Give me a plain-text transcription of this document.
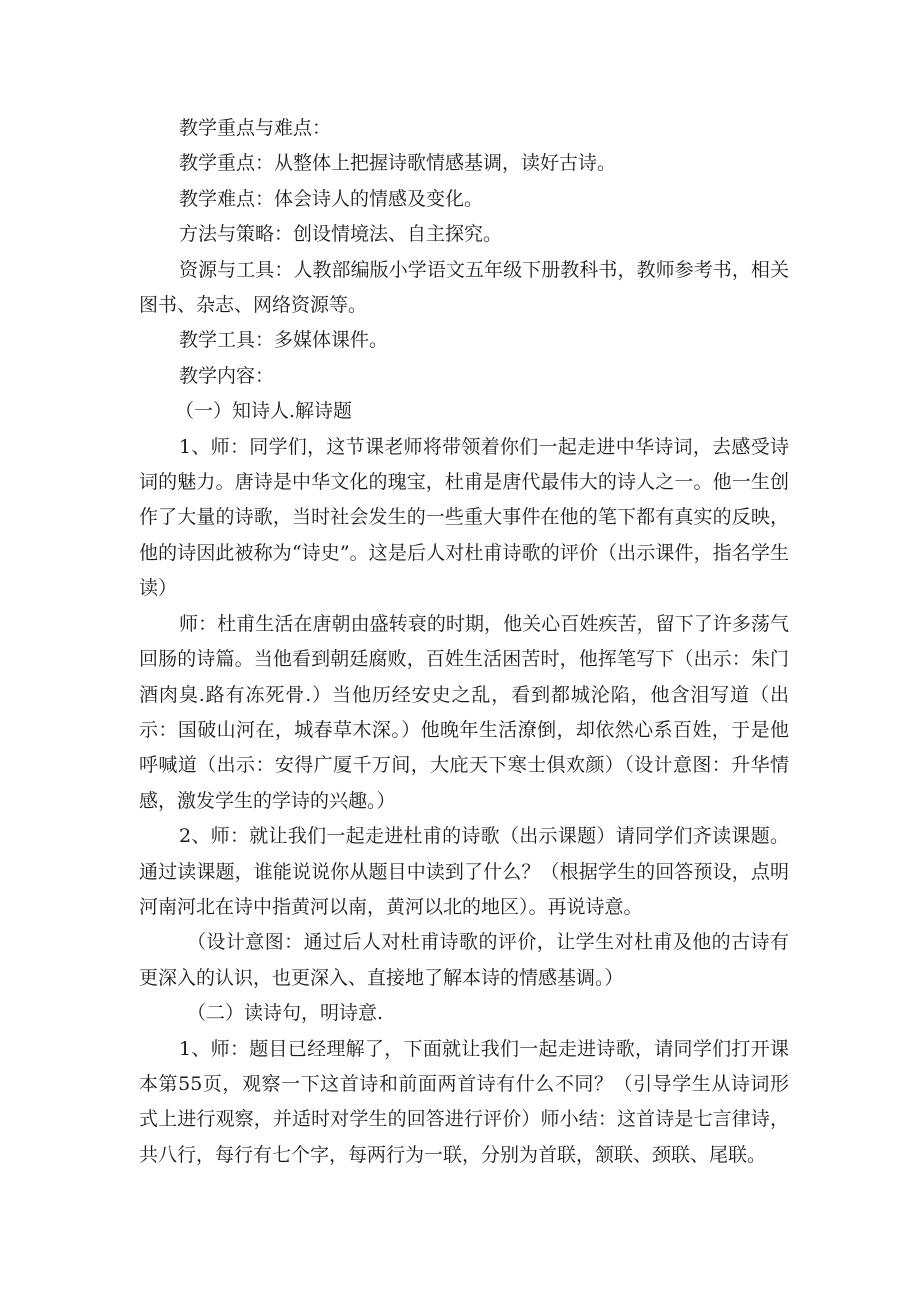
教学重点与难点：

教学重点：从整体上把握诗歌情感基调，读好古诗。

教学难点：体会诗人的情感及变化。

方法与策略：创设情境法、自主探究。

资源与工具：人教部编版小学语文五年级下册教科书，教师参考书，相关图书、杂志、网络资源等。

教学工具：多媒体课件。

教学内容：

（一）知诗人.解诗题

1、师：同学们，这节课老师将带领着你们一起走进中华诗词，去感受诗词的魅力。唐诗是中华文化的瑰宝，杜甫是唐代最伟大的诗人之一。他一生创作了大量的诗歌，当时社会发生的一些重大事件在他的笔下都有真实的反映，他的诗因此被称为“诗史”。这是后人对杜甫诗歌的评价（出示课件，指名学生读）

师：杜甫生活在唐朝由盛转衰的时期，他关心百姓疾苦，留下了许多荡气回肠的诗篇。当他看到朝廷腐败，百姓生活困苦时，他挥笔写下（出示：朱门酒肉臭.路有冻死骨.）当他历经安史之乱，看到都城沦陷，他含泪写道（出示：国破山河在，城春草木深。）他晚年生活潦倒，却依然心系百姓，于是他呼喊道（出示：安得广厦千万间，大庇天下寒士俱欢颜）（设计意图：升华情感，激发学生的学诗的兴趣。）

2、师：就让我们一起走进杜甫的诗歌（出示课题）请同学们齐读课题。通过读课题，谁能说说你从题目中读到了什么？（根据学生的回答预设，点明河南河北在诗中指黄河以南，黄河以北的地区）。再说诗意。

（设计意图：通过后人对杜甫诗歌的评价，让学生对杜甫及他的古诗有更深入的认识，也更深入、直接地了解本诗的情感基调。）

（二）读诗句，明诗意.

1、师：题目已经理解了，下面就让我们一起走进诗歌，请同学们打开课本第55页，观察一下这首诗和前面两首诗有什么不同？（引导学生从诗词形式上进行观察，并适时对学生的回答进行评价）师小结：这首诗是七言律诗，共八行，每行有七个字，每两行为一联，分别为首联，颔联、颈联、尾联。
